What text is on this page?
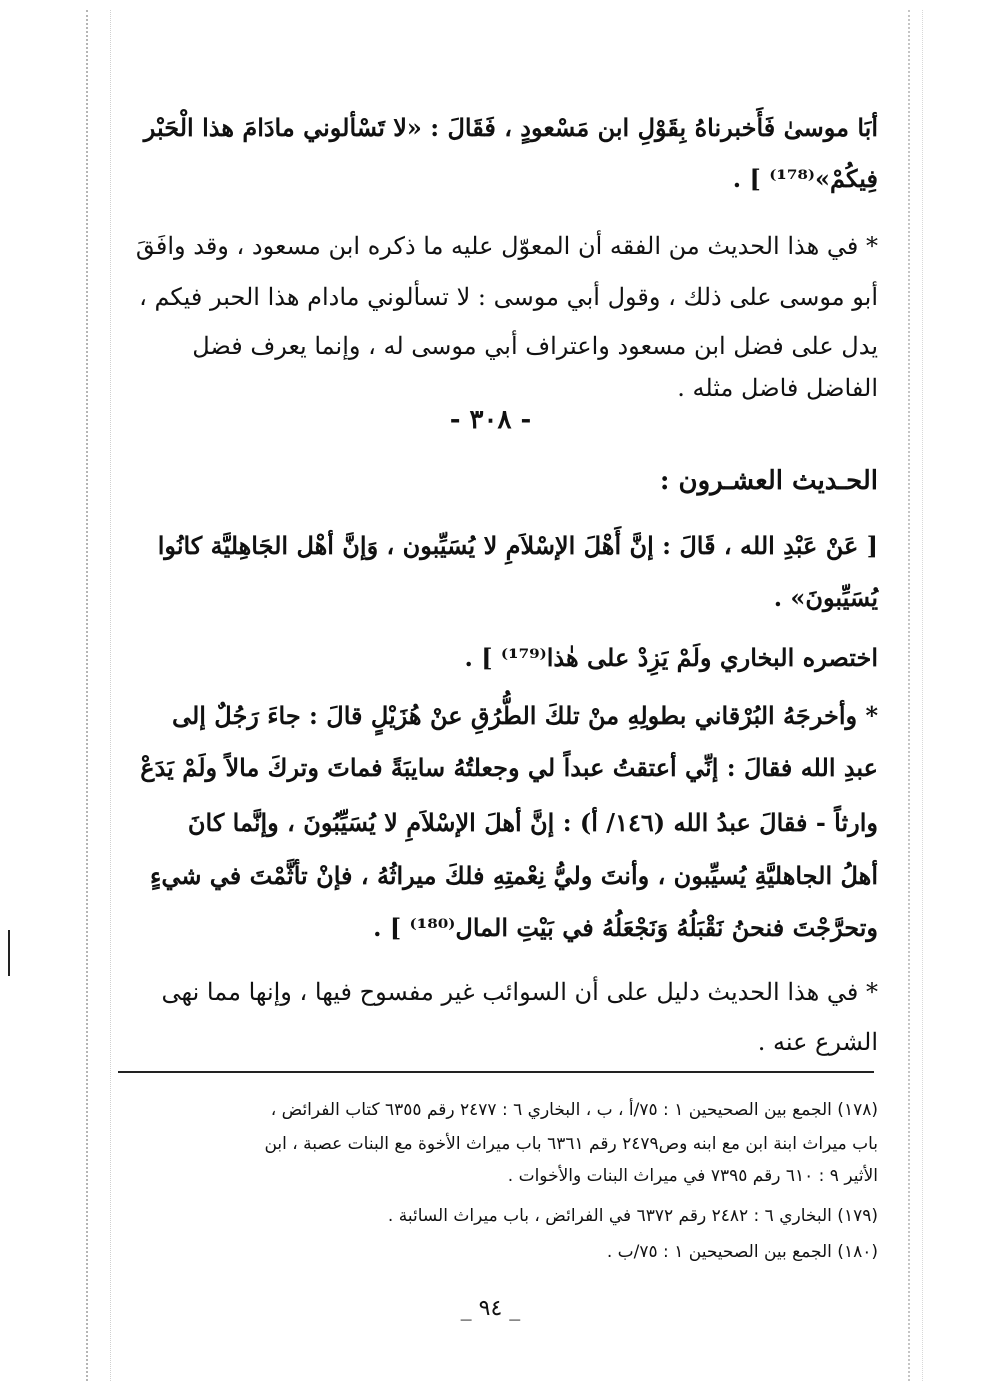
أبَا موسىٰ فَأَخبرناهُ بِقَوْلِ ابن مَسْعودٍ ، فَقَالَ : «لا تَسْألوني مادَامَ هذا الْحَبْر
فِيكُمْ»⁽¹⁷⁸⁾ ] .
* في هذا الحديث من الفقه أن المعوّل عليه ما ذكره ابن مسعود ، وقد وافَقَ
أبو موسى على ذلك ، وقول أبي موسى : لا تسألوني مادام هذا الحبر فيكم ،
يدل على فضل ابن مسعود واعتراف أبي موسى له ، وإنما يعرف فضل
الفاضل فاضل مثله .
- ٣٠٨ -
الحـديث العشـرون :
[ عَنْ عَبْدِ الله ، قَالَ : إنَّ أَهْلَ الإسْلاَمِ لا يُسَيِّبون ، وَإنَّ أهْل الجَاهِليَّة كانُوا
يُسَيِّبونَ» .
اختصره البخاري ولَمْ يَزِدْ على هٰذا⁽¹⁷⁹⁾ ] .
* وأخرجَهُ البُرْقاني بطولِهِ منْ تلكَ الطُّرُقِ عنْ هُزَيْلٍ قالَ : جاءَ رَجُلٌ إلى
عبدِ الله فقالَ : إنِّي أعتقتُ عبداً لي وجعلتُهُ سايبَةً فماتَ وتركَ مالاً ولَمْ يَدَعْ
وارثاً - فقالَ عبدُ الله (١٤٦/ أ) : إنَّ أهلَ الإسْلاَمِ لا يُسَيِّبُونَ ، وإنَّما كانَ
أهلُ الجاهليَّةِ يُسيِّبون ، وأنتَ وليُّ نِعْمتِهِ فلكَ ميراثُهُ ، فإنْ تأثَّمْتَ في شيءٍ
وتحرَّجْتَ فنحنُ نَقْبَلُهُ وَنَجْعَلُهُ في بَيْتِ المال⁽¹⁸⁰⁾ ] .
* في هذا الحديث دليل على أن السوائب غير مفسوح فيها ، وإنها مما نهى
الشرع عنه .
(١٧٨) الجمع بين الصحيحين ١ : ٧٥/أ ، ب ، البخاري ٦ : ٢٤٧٧ رقم ٦٣٥٥ كتاب الفرائض ،
باب ميراث ابنة ابن مع ابنه وص٢٤٧٩ رقم ٦٣٦١ باب ميراث الأخوة مع البنات عصبة ، ابن
الأثير ٩ : ٦١٠ رقم ٧٣٩٥ في ميراث البنات والأخوات .
(١٧٩) البخاري ٦ : ٢٤٨٢ رقم ٦٣٧٢ في الفرائض ، باب ميراث السائبة .
(١٨٠) الجمع بين الصحيحين ١ : ٧٥/ب .
_ ٩٤ _
